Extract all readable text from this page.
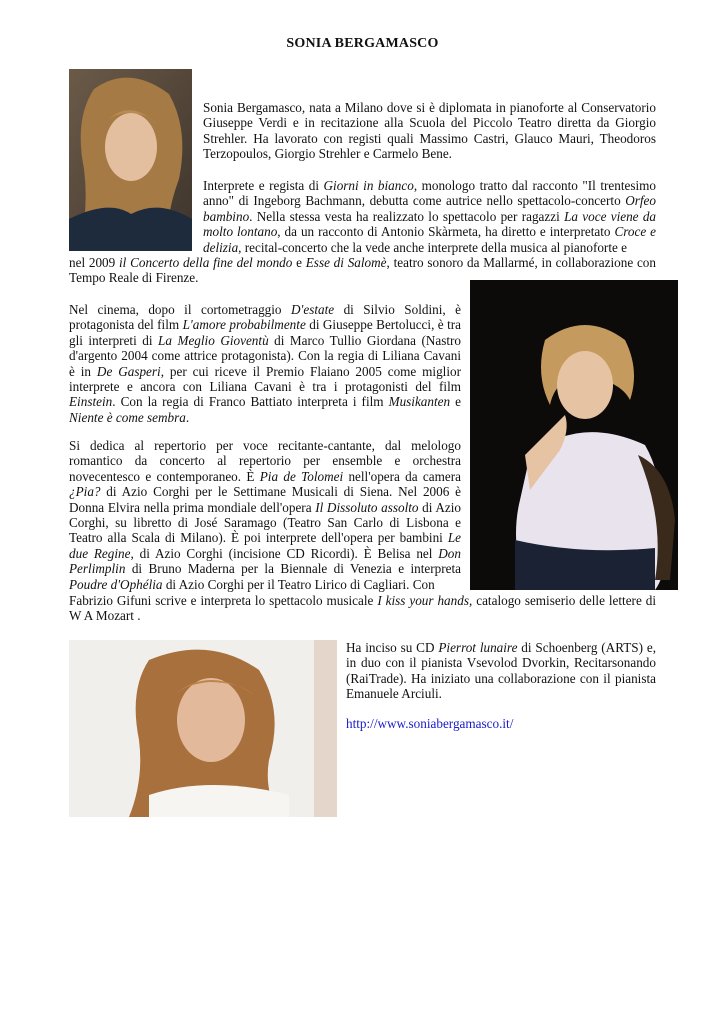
SONIA BERGAMASCO

Sonia Bergamasco, nata a Milano dove si è diplomata in pianoforte al Conservatorio Giuseppe Verdi e in recitazione alla Scuola del Piccolo Teatro diretta da Giorgio Strehler. Ha lavorato con registi quali Massimo Castri, Glauco Mauri, Theodoros Terzopoulos, Giorgio Strehler e Carmelo Bene.

Interprete e regista di Giorni in bianco, monologo tratto dal racconto "Il trentesimo anno" di Ingeborg Bachmann, debutta come autrice nello spettacolo-concerto Orfeo bambino. Nella stessa vesta ha realizzato lo spettacolo per ragazzi La voce viene da molto lontano, da un racconto di Antonio Skàrmeta, ha diretto e interpretato Croce e delizia, recital-concerto che la vede anche interprete della musica al pianoforte e

nel 2009 il Concerto della fine del mondo e Esse di Salomè, teatro sonoro da Mallarmé, in collaborazione con Tempo Reale di Firenze.

Nel cinema, dopo il cortometraggio D'estate di Silvio Soldini, è protagonista del film L'amore probabilmente di Giuseppe Bertolucci, è tra gli interpreti di La Meglio Gioventù di Marco Tullio Giordana (Nastro d'argento 2004 come attrice protagonista). Con la regia di Liliana Cavani è in De Gasperi, per cui riceve il Premio Flaiano 2005 come miglior interprete e ancora con Liliana Cavani è tra i protagonisti del film Einstein. Con la regia di Franco Battiato interpreta i film Musikanten e Niente è come sembra.

Si dedica al repertorio per voce recitante-cantante, dal melologo romantico da concerto al repertorio per ensemble e orchestra novecentesco e contemporaneo. È Pia de Tolomei nell'opera da camera ¿Pia? di Azio Corghi per le Settimane Musicali di Siena. Nel 2006 è Donna Elvira nella prima mondiale dell'opera Il Dissoluto assolto di Azio Corghi, su libretto di José Saramago (Teatro San Carlo di Lisbona e Teatro alla Scala di Milano). È poi interprete dell'opera per bambini Le due Regine, di Azio Corghi (incisione CD Ricordi). È Belisa nel Don Perlimplin di Bruno Maderna per la Biennale di Venezia e interpreta Poudre d'Ophélia di Azio Corghi per il Teatro Lirico di Cagliari. Con

Fabrizio Gifuni scrive e interpreta lo spettacolo musicale I kiss your hands, catalogo semiserio delle lettere di W A Mozart .

Ha inciso su CD Pierrot lunaire di Schoenberg (ARTS) e, in duo con il pianista Vsevolod Dvorkin, Recitarsonando (RaiTrade). Ha iniziato una collaborazione con il pianista Emanuele Arciuli.

http://www.soniabergamasco.it/
